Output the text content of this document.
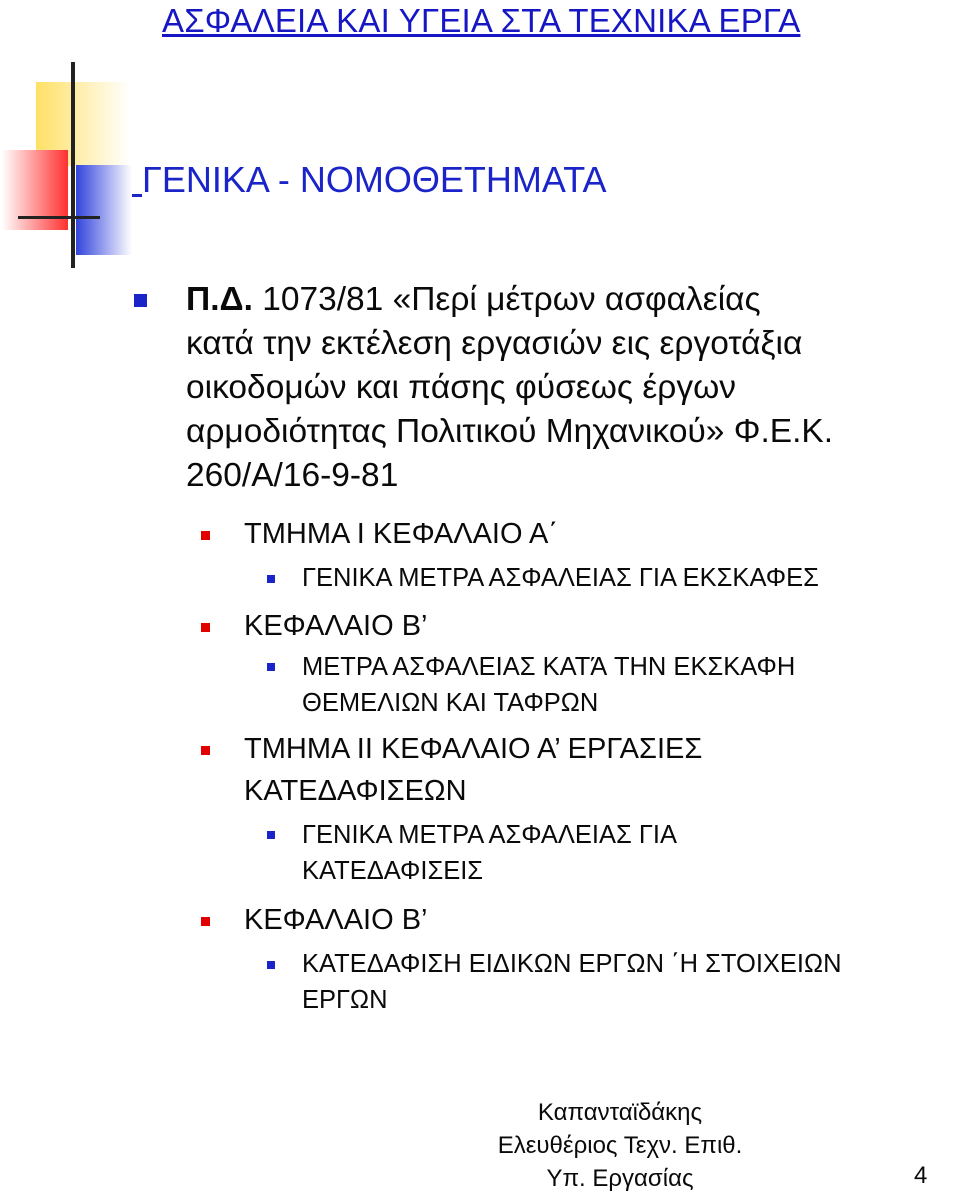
ΑΣΦΑΛΕΙΑ ΚΑΙ ΥΓΕΙΑ ΣΤΑ ΤΕΧΝΙΚΑ ΕΡΓΑ
ΓΕΝΙΚΑ - ΝΟΜΟΘΕΤΗΜΑΤΑ
Π.Δ. 1073/81 «Περί μέτρων ασφαλείας
κατά την εκτέλεση εργασιών εις εργοτάξια
οικοδομών και πάσης φύσεως έργων
αρμοδιότητας Πολιτικού Μηχανικού» Φ.Ε.Κ.
260/Α/16-9-81
ΤΜΗΜΑ Ι ΚΕΦΑΛΑΙΟ Α΄
ΓΕΝΙΚΑ ΜΕΤΡΑ ΑΣΦΑΛΕΙΑΣ ΓΙΑ ΕΚΣΚΑΦΕΣ
ΚΕΦΑΛΑΙΟ Β’
ΜΕΤΡΑ ΑΣΦΑΛΕΙΑΣ ΚΑΤΆ ΤΗΝ ΕΚΣΚΑΦΗ
ΘΕΜΕΛΙΩΝ ΚΑΙ ΤΑΦΡΩΝ
ΤΜΗΜΑ ΙΙ ΚΕΦΑΛΑΙΟ Α’ ΕΡΓΑΣΙΕΣ
ΚΑΤΕΔΑΦΙΣΕΩΝ
ΓΕΝΙΚΑ ΜΕΤΡΑ ΑΣΦΑΛΕΙΑΣ ΓΙΑ
ΚΑΤΕΔΑΦΙΣΕΙΣ
ΚΕΦΑΛΑΙΟ Β’
ΚΑΤΕΔΑΦΙΣΗ ΕΙΔΙΚΩΝ ΕΡΓΩΝ ΄Η ΣΤΟΙΧΕΙΩΝ
ΕΡΓΩΝ
Καπανταϊδάκης
Ελευθέριος Τεχν. Επιθ.
Υπ. Εργασίας	4
